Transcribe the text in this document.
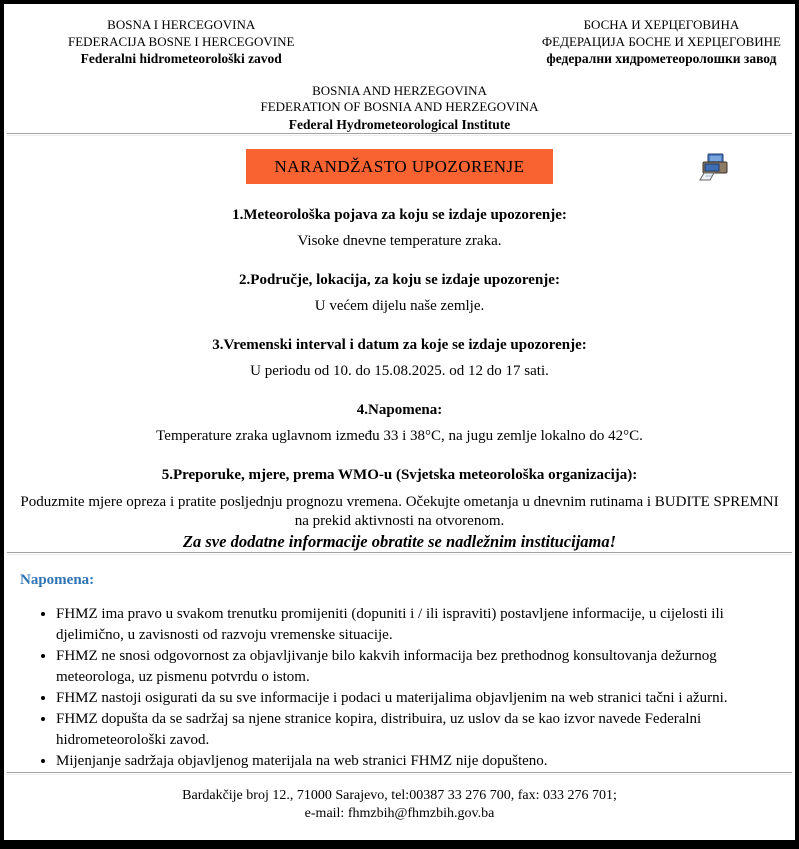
BOSNA I HERCEGOVINA
FEDERACIJA BOSNE I HERCEGOVINE
Federalni hidrometeorološki zavod
БОСНА И ХЕРЦЕГОВИНА
ФЕДЕРАЦИЈА БОСНЕ И ХЕРЦЕГОВИНЕ
федерални хидрометеоролошки завод
BOSNIA AND HERZEGOVINA
FEDERATION OF BOSNIA AND HERZEGOVINA
Federal Hydrometeorological Institute
NARANDŽASTO UPOZORENJE
1.Meteorološka pojava za koju se izdaje upozorenje:
Visoke dnevne temperature zraka.
2.Područje, lokacija, za koju se izdaje upozorenje:
U većem dijelu naše zemlje.
3.Vremenski interval i datum za koje se izdaje upozorenje:
U periodu od 10. do 15.08.2025. od 12 do 17 sati.
4.Napomena:
Temperature zraka uglavnom između 33 i 38°C, na jugu zemlje lokalno do 42°C.
5.Preporuke, mjere, prema WMO-u (Svjetska meteorološka organizacija):
Poduzmite mjere opreza i pratite posljednju prognozu vremena. Očekujte ometanja u dnevnim rutinama i BUDITE SPREMNI na prekid aktivnosti na otvorenom.
Za sve dodatne informacije obratite se nadležnim institucijama!
Napomena:
• FHMZ ima pravo u svakom trenutku promijeniti (dopuniti i / ili ispraviti) postavljene informacije, u cijelosti ili djelimično, u zavisnosti od razvoju vremenske situacije.
• FHMZ ne snosi odgovornost za objavljivanje bilo kakvih informacija bez prethodnog konsultovanja dežurnog meteorologa, uz pismenu potvrdu o istom.
• FHMZ nastoji osigurati da su sve informacije i podaci u materijalima objavljenim na web stranici tačni i ažurni.
• FHMZ dopušta da se sadržaj sa njene stranice kopira, distribuira, uz uslov da se kao izvor navede Federalni hidrometeorološki zavod.
• Mijenjanje sadržaja objavljenog materijala na web stranici FHMZ nije dopušteno.
Bardakčije broj 12., 71000 Sarajevo, tel:00387 33 276 700, fax: 033 276 701;
e-mail: fhmzbih@fhmzbih.gov.ba
